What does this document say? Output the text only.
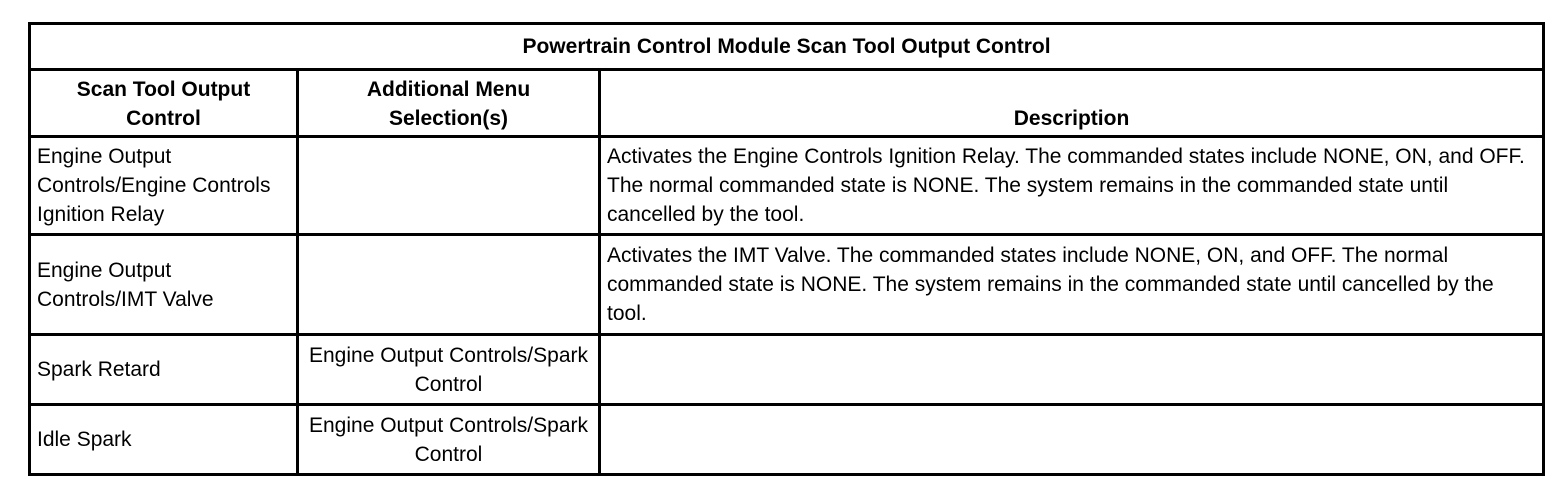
Powertrain Control Module Scan Tool Output Control		
Scan Tool Output Control	Additional Menu Selection(s)	Description
Engine Output Controls/Engine Controls Ignition Relay		Activates the Engine Controls Ignition Relay. The commanded states include NONE, ON, and OFF. The normal commanded state is NONE. The system remains in the commanded state until cancelled by the tool.
Engine Output Controls/IMT Valve		Activates the IMT Valve. The commanded states include NONE, ON, and OFF. The normal commanded state is NONE. The system remains in the commanded state until cancelled by the tool.
Spark Retard	Engine Output Controls/Spark Control	
Idle Spark	Engine Output Controls/Spark Control	
